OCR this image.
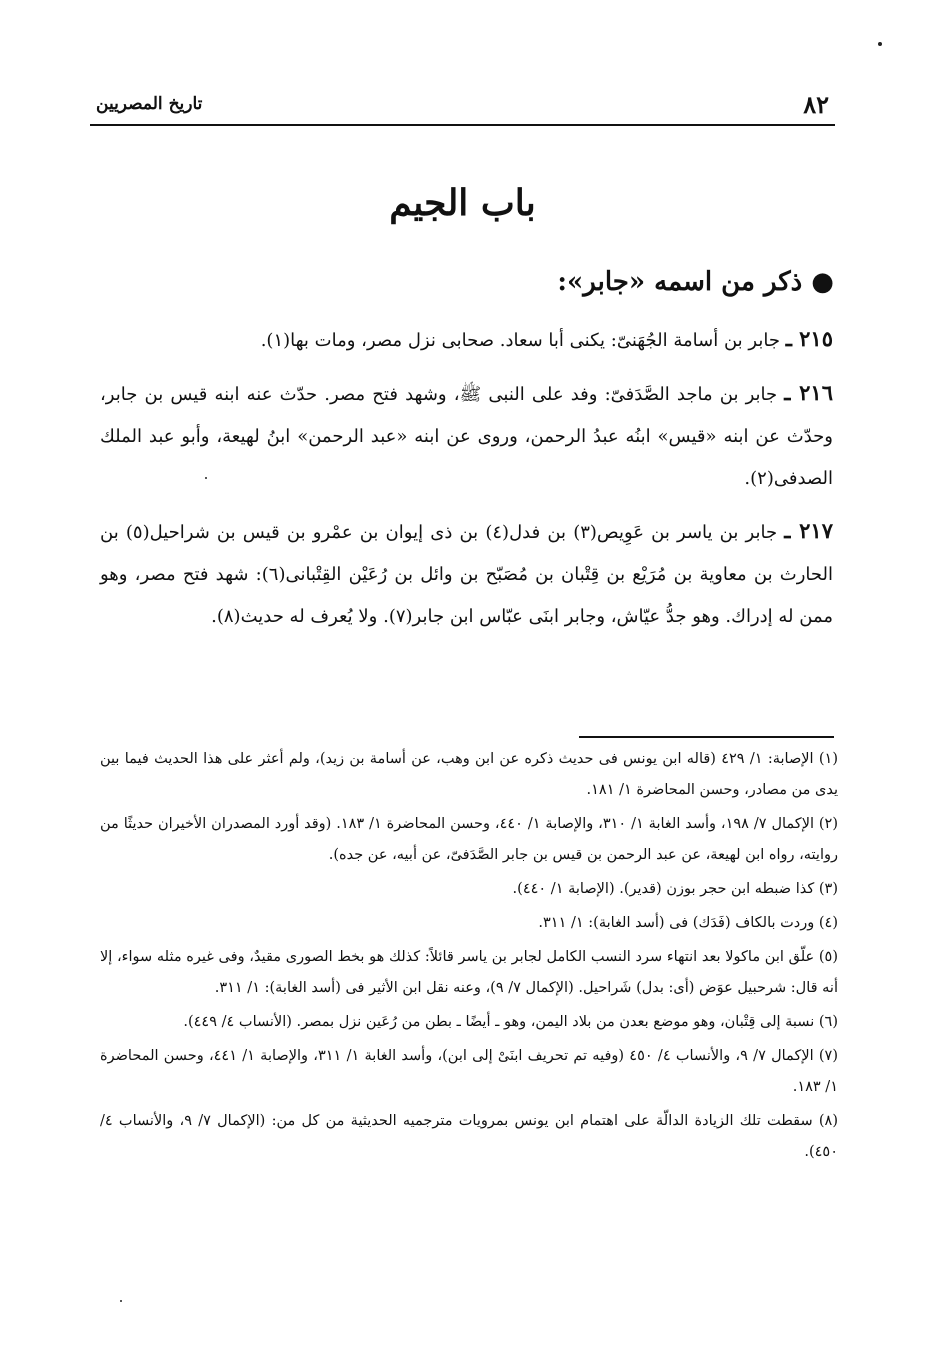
٨٢
تاريخ المصريين
باب الجيم
● ذكر من اسمه «جابر»:

٢١٥ ـ جابر بن أسامة الجُهَنىّ: يكنى أبا سعاد. صحابى نزل مصر، ومات بها(١).

٢١٦ ـ جابر بن ماجد الصَّدَفىّ: وفد على النبى ﷺ، وشهد فتح مصر. حدّث عنه ابنه قيس بن جابر، وحدّث عن ابنه «قيس» ابنُه عبدُ الرحمن، وروى عن ابنه «عبد الرحمن» ابنُ لهيعة، وأبو عبد الملك الصدفى(٢).

٢١٧ ـ جابر بن ياسر بن عَوِيص(٣) بن فدل(٤) بن ذى إيوان بن عمْرو بن قيس بن شراحيل(٥) بن الحارث بن معاوية بن مُرَيْع بن قِتْبان بن مُصَبّح بن وائل بن رُعَيْن القِتْبانى(٦): شهد فتح مصر، وهو ممن له إدراك. وهو جدُّ عيّاش، وجابر ابنَى عبّاس ابن جابر(٧). ولا يُعرف له حديث(٨).

(١) الإصابة: ١/ ٤٢٩ (قاله ابن يونس فى حديث ذكره عن ابن وهب، عن أسامة بن زيد)، ولم أعثر على هذا الحديث فيما بين يدى من مصادر، وحسن المحاضرة ١/ ١٨١.

(٢) الإكمال ٧/ ١٩٨، وأسد الغابة ١/ ٣١٠، والإصابة ١/ ٤٤٠، وحسن المحاضرة ١/ ١٨٣. (وقد أورد المصدران الأخيران حديثًا من روايته، رواه ابن لهيعة، عن عبد الرحمن بن قيس بن جابر الصَّدَفىّ، عن أبيه، عن جده).

(٣) كذا ضبطه ابن حجر بوزن (قدير). (الإصابة ١/ ٤٤٠).

(٤) وردت بالكاف (فَدَك) فى (أسد الغابة): ١/ ٣١١.

(٥) علّق ابن ماكولا بعد انتهاء سرد النسب الكامل لجابر بن ياسر قائلاً: كذلك هو بخط الصورى مقيدٌ، وفى غيره مثله سواء، إلا أنه قال: شرحبيل عوَض (أى: بدل) شَراحيل. (الإكمال ٧/ ٩)، وعنه نقل ابن الأثير فى (أسد الغابة): ١/ ٣١١.

(٦) نسبة إلى قِتْبان، وهو موضع بعدن من بلاد اليمن، وهو ـ أيضًا ـ بطن من رُعَين نزل بمصر. (الأنساب ٤/ ٤٤٩).

(٧) الإكمال ٧/ ٩، والأنساب ٤/ ٤٥٠ (وفيه تم تحريف ابنَىْ إلى ابن)، وأسد الغابة ١/ ٣١١، والإصابة ١/ ٤٤١، وحسن المحاضرة ١/ ١٨٣.

(٨) سقطت تلك الزيادة الدالّة على اهتمام ابن يونس بمرويات مترجميه الحديثية من كل من: (الإكمال ٧/ ٩، والأنساب ٤/ ٤٥٠).
